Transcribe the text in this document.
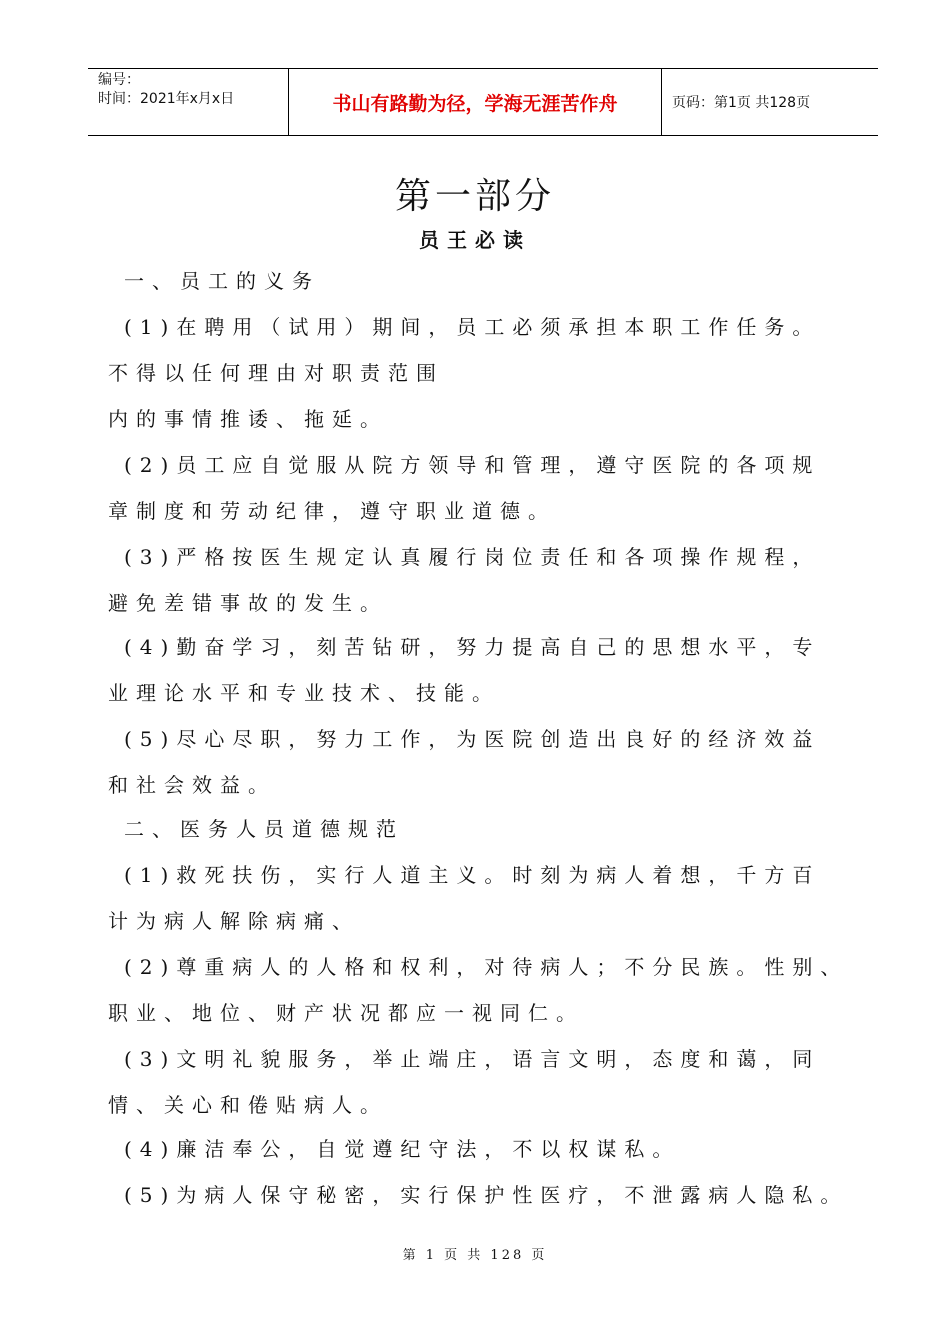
编号：
时间：2021年x月x日	书山有路勤为径，学海无涯苦作舟	页码：第1页 共128页
第一部分
员王必读
一、员工的义务
(1)在聘用（试用）期间，员工必须承担本职工作任务。
不得以任何理由对职责范围
内的事情推诿、拖延。
(2)员工应自觉服从院方领导和管理，遵守医院的各项规
章制度和劳动纪律，遵守职业道德。
(3)严格按医生规定认真履行岗位责任和各项操作规程，
避免差错事故的发生。
(4)勤奋学习，刻苦钻研，努力提高自己的思想水平，专
业理论水平和专业技术、技能。
(5)尽心尽职，努力工作，为医院创造出良好的经济效益
和社会效益。
二、医务人员道德规范
(1)救死扶伤，实行人道主义。时刻为病人着想，千方百
计为病人解除病痛、
(2)尊重病人的人格和权利，对待病人；不分民族。性别、
职业、地位、财产状况都应一视同仁。
(3)文明礼貌服务，举止端庄，语言文明，态度和蔼，同
情、关心和倦贴病人。
(4)廉洁奉公，自觉遵纪守法，不以权谋私。
(5)为病人保守秘密，实行保护性医疗，不泄露病人隐私。
第 1 页 共 128 页
